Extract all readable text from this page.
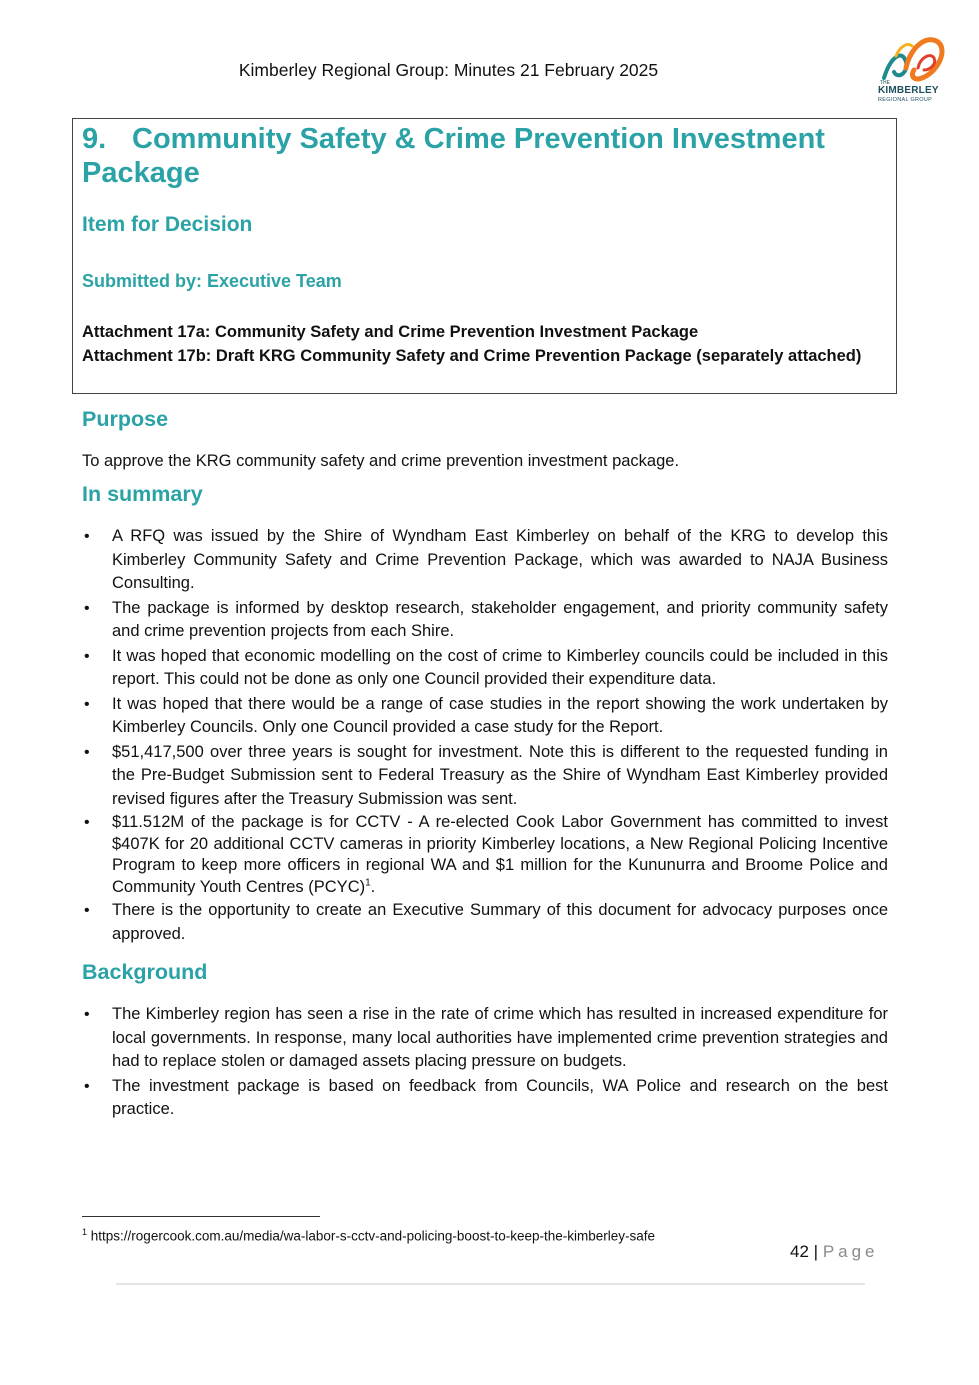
Kimberley Regional Group: Minutes 21 February 2025
THE
KIMBERLEY
REGIONAL GROUP
9. Community Safety & Crime Prevention Investment Package
Item for Decision
Submitted by: Executive Team
Attachment 17a: Community Safety and Crime Prevention Investment Package
Attachment 17b: Draft KRG Community Safety and Crime Prevention Package (separately attached)
Purpose
To approve the KRG community safety and crime prevention investment package.
In summary
• A RFQ was issued by the Shire of Wyndham East Kimberley on behalf of the KRG to develop this Kimberley Community Safety and Crime Prevention Package, which was awarded to NAJA Business Consulting.
• The package is informed by desktop research, stakeholder engagement, and priority community safety and crime prevention projects from each Shire.
• It was hoped that economic modelling on the cost of crime to Kimberley councils could be included in this report. This could not be done as only one Council provided their expenditure data.
• It was hoped that there would be a range of case studies in the report showing the work undertaken by Kimberley Councils. Only one Council provided a case study for the Report.
• $51,417,500 over three years is sought for investment. Note this is different to the requested funding in the Pre-Budget Submission sent to Federal Treasury as the Shire of Wyndham East Kimberley provided revised figures after the Treasury Submission was sent.
• $11.512M of the package is for CCTV - A re-elected Cook Labor Government has committed to invest $407K for 20 additional CCTV cameras in priority Kimberley locations, a New Regional Policing Incentive Program to keep more officers in regional WA and $1 million for the Kununurra and Broome Police and Community Youth Centres (PCYC)$^1$.
• There is the opportunity to create an Executive Summary of this document for advocacy purposes once approved.
Background
• The Kimberley region has seen a rise in the rate of crime which has resulted in increased expenditure for local governments. In response, many local authorities have implemented crime prevention strategies and had to replace stolen or damaged assets placing pressure on budgets.
• The investment package is based on feedback from Councils, WA Police and research on the best practice.
$^1$ https://rogercook.com.au/media/wa-labor-s-cctv-and-policing-boost-to-keep-the-kimberley-safe
42 | Page
